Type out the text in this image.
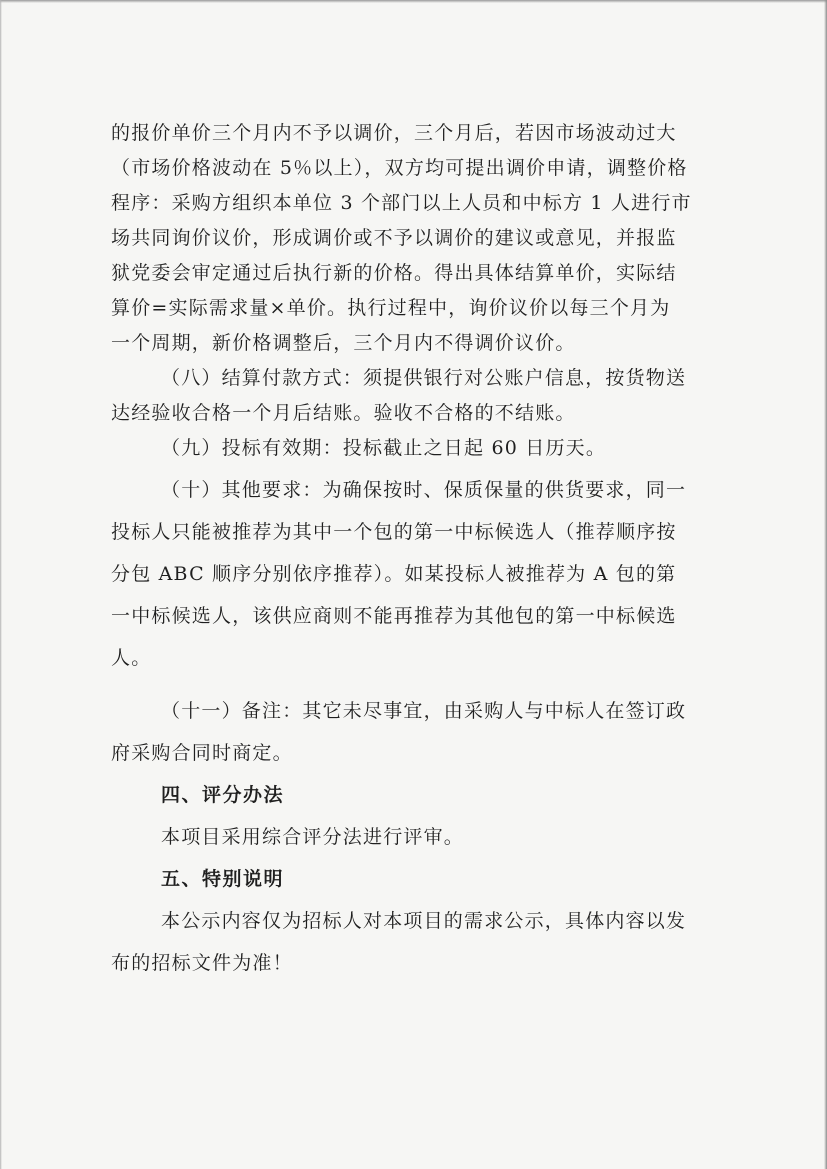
的报价单价三个月内不予以调价，三个月后，若因市场波动过大
（市场价格波动在 5％以上），双方均可提出调价申请，调整价格
程序：采购方组织本单位 3 个部门以上人员和中标方 1 人进行市
场共同询价议价，形成调价或不予以调价的建议或意见，并报监
狱党委会审定通过后执行新的价格。得出具体结算单价，实际结
算价=实际需求量×单价。执行过程中，询价议价以每三个月为
一个周期，新价格调整后，三个月内不得调价议价。
（八）结算付款方式：须提供银行对公账户信息，按货物送
达经验收合格一个月后结账。验收不合格的不结账。
（九）投标有效期：投标截止之日起 60 日历天。
（十）其他要求：为确保按时、保质保量的供货要求，同一
投标人只能被推荐为其中一个包的第一中标候选人（推荐顺序按
分包 ABC 顺序分别依序推荐）。如某投标人被推荐为 A 包的第
一中标候选人，该供应商则不能再推荐为其他包的第一中标候选
人。
（十一）备注：其它未尽事宜，由采购人与中标人在签订政
府采购合同时商定。
四、评分办法
本项目采用综合评分法进行评审。
五、特别说明
本公示内容仅为招标人对本项目的需求公示，具体内容以发
布的招标文件为准！
